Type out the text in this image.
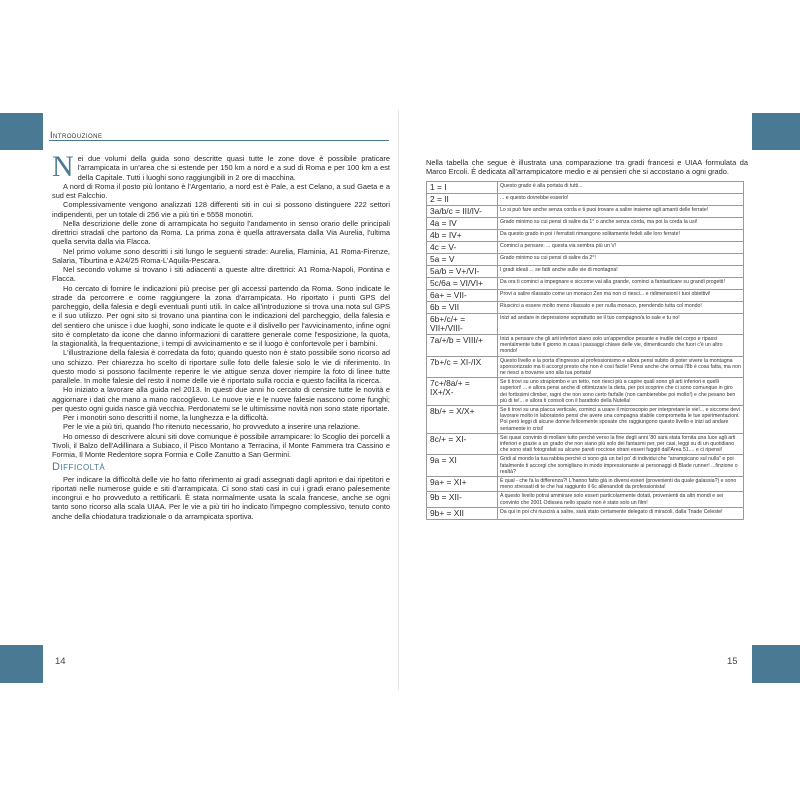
Introduzione

Nei due volumi della guida sono descritte quasi tutte le zone dove è possibile praticare l'arrampicata in un'area che si estende per 150 km a nord e a sud di Roma e per 100 km a est della Capitale. Tutti i luoghi sono raggiungibili in 2 ore di macchina.

A nord di Roma il posto più lontano è l'Argentario, a nord est è Pale, a est Celano, a sud Gaeta e a sud est Falcchio.

Complessivamente vengono analizzati 128 differenti siti in cui si possono distinguere 222 settori indipendenti, per un totale di 256 vie a più tiri e 5558 monotiri.

Nella descrizione delle zone di arrampicata ho seguito l'andamento in senso orario delle principali direttrici stradali che partono da Roma. La prima zona è quella attraversata dalla Via Aurelia, l'ultima quella servita dalla via Flacca.

Nel primo volume sono descritti i siti lungo le seguenti strade: Aurelia, Flaminia, A1 Roma-Firenze, Salaria, Tiburtina e A24/25 Roma-L'Aquila-Pescara.

Nel secondo volume si trovano i siti adiacenti a queste altre direttrici: A1 Roma-Napoli, Pontina e Flacca.

Ho cercato di fornire le indicazioni più precise per gli accessi partendo da Roma. Sono indicate le strade da percorrere e come raggiungere la zona d'arrampicata. Ho riportato i punti GPS del parcheggio, della falesia e degli eventuali punti utili. In calce all'introduzione si trova una nota sul GPS e il suo utilizzo. Per ogni sito si trovano una piantina con le indicazioni del parcheggio, della falesia e del sentiero che unisce i due luoghi, sono indicate le quote e il dislivello per l'avvicinamento, infine ogni sito è completato da icone che danno informazioni di carattere generale come l'esposizione, la quota, la stagionalità, la frequentazione, i tempi di avvicinamento e se il luogo è confortevole per i bambini.

L'illustrazione della falesia è corredata da foto; quando questo non è stato possibile sono ricorso ad uno schizzo. Per chiarezza ho scelto di riportare sulle foto delle falesie solo le vie di riferimento. In questo modo si possono facilmente reperire le vie attigue senza dover riempire la foto di linee tutte parallele. In molte falesie del resto il nome delle vie è riportato sulla roccia e questo facilita la ricerca.

Ho iniziato a lavorare alla guida nel 2013. In questi due anni ho cercato di censire tutte le novità e aggiornare i dati che mano a mano raccoglievo. Le nuove vie e le nuove falesie nascono come funghi; per questo ogni guida nasce già vecchia. Perdonatemi se le ultimissime novità non sono state riportate.

Per i monotiri sono descritti il nome, la lunghezza e la difficoltà.

Per le vie a più tiri, quando l'ho ritenuto necessario, ho provveduto a inserire una relazione.

Ho omesso di descrivere alcuni siti dove comunque è possibile arrampicare: lo Scoglio dei porcelli a Tivoli, il Balzo dell'Adillinara a Subiaco, il Pisco Montano a Terracina, il Monte Fammera tra Cassino e Formia, Il Monte Redentore sopra Formia e Colle Zanutto a San Germini.

Difficoltà

Per indicare la difficoltà delle vie ho fatto riferimento ai gradi assegnati dagli apritori e dai ripetitori e riportati nelle numerose guide e siti d'arrampicata. Ci sono stati casi in cui i gradi erano palesemente incongrui e ho provveduto a rettificarli. È stata normalmente usata la scala francese, anche se ogni tanto sono ricorso alla scala UIAA. Per le vie a più tiri ho indicato l'impegno complessivo, tenuto conto anche della chiodatura tradizionale o da arrampicata sportiva.

14

Nella tabella che segue è illustrata una comparazione tra gradi francesi e UIAA formulata da Marco Ercoli. È dedicata all'arrampicatore medio e ai pensieri che si accostano a ogni grado.

1 = I	Questo grado è alla portata di tutti...
2 = II	... e questo dovrebbe esserlo!
3a/b/c = III/IV-	Lo si può fare anche senza corda e ti puoi trovare a salire insieme agli amanti delle ferrate!
4a = IV	Grado minimo su cui pensi di salire da 1° o anche senza corda, ma poi la corda la usi!
4b = IV+	Da questo grado in poi i ferratisti rimangono solitamente fedeli alle loro ferrate!
4c = V-	Cominci a pensare: ... questa via sembra più un V!
5a = V	Grado minimo su cui pensi di salire da 2°!
5a/b = V+/VI-	I gradi ideali ... se fatti anche sulle vie di montagna!
5c/6a = VI/VI+	Da ora ti cominci a impegnare e siccome vai alla grande, cominci a fantasticare su grandi progetti!
6a+ = VII-	Provi a salire rilassato come un monaco Zen ma non ci riesci... e ridimensioni i tuoi obiettivi!
6b = VII	Riuscirci a essere molto meno rilassato e per nulla monaco, prendendo tutta col mondo!
6b+/c/+ = VII+/VIII-	Inizi ad andare in depressione soprattutto se il tuo compagno/a lo sale e tu no!
7a/+/b = VIII/+	Inizi a pensare che gli arti inferiori siano solo un'appendice pesante e inutile del corpo e ripassi mentalmente tutte il giorno in casa i passaggi chiave delle vie, dimenticando che fuori c'è un altro mondo!
7b+/c = XI-/IX	Questo livello e la porta d'ingresso al professionismo e allora pensi subito di poter vivere la montagna sponsorizzato ma ti accorgi presto che non è così facile! Pensi anche che ormai l'8b è cosa fatta, ma non ne riesci a trovarne uno alla tua portata!
7c+/8a/+ = IX+/X-	Se ti trovi su uno strapiombo e un tetto, non riesci più a capire quali sono gli arti inferiori e quelli superiori! ... e allora pensi anche di ottimizzare la dieta, per poi scoprire che ci sono comunque in giro dei fortissimi climber, ragni che non sono certo farfalle (non cambierebbe poi molto!) e che pesano ben più di te!... e allora ti consoli con il barattolo della Nutella!
8b/+ = X/X+	Se ti trovi su una placca verticale, cominci a usare il microscopio per interpretare le vie!... e siccome devi lavorare molto in laboratorio pensi che avere una compagna stabile comprometta le tue sperimentazioni. Poi però leggi di alcune donne felicemente sposate che raggiungono questo livello e inizi ad andare seriamente in crisi!
8c/+ = XI-	Sei quasi convinto di mollare tutto perché verso la fine degli anni '80 sarà stata fornita una luce agli arti inferiori e grazie a un grado che non siano più solo dei fantasmi per, per casi, leggi su di un quotidiano che sono stati fotografati su alcune pareti rocciose strani esseri fuggiti dall'Area 51.... e ci ripensi!
9a = XI	Gridi al mondo la tua rabbia perché ci sono già un bel po' di individui che "arrampicano sul nulla" e poi fatalmente ti accorgi che somigliano in modo impressionante ai personaggi di Blade runner! ...finzione o realtà?
9a+ = XI+	È qual - che fa la differenza?! L'hanno fatto già in diversi esseri (provenienti da quale galassia?) e sono meno stressati di te che hai raggiunto il 6c allenandoti da professionista!
9b = XII-	A questo livello potrai ammirare solo esseri particolarmente dotati, provenienti da altri mondi e sei convinto che 2001 Odissea nello spazio non è stato solo un film!
9b+ = XII	Da qui in poi chi riuscirà a salire, sarà stato certamente delegato di miracoli, dalla Triade Celeste!
15
